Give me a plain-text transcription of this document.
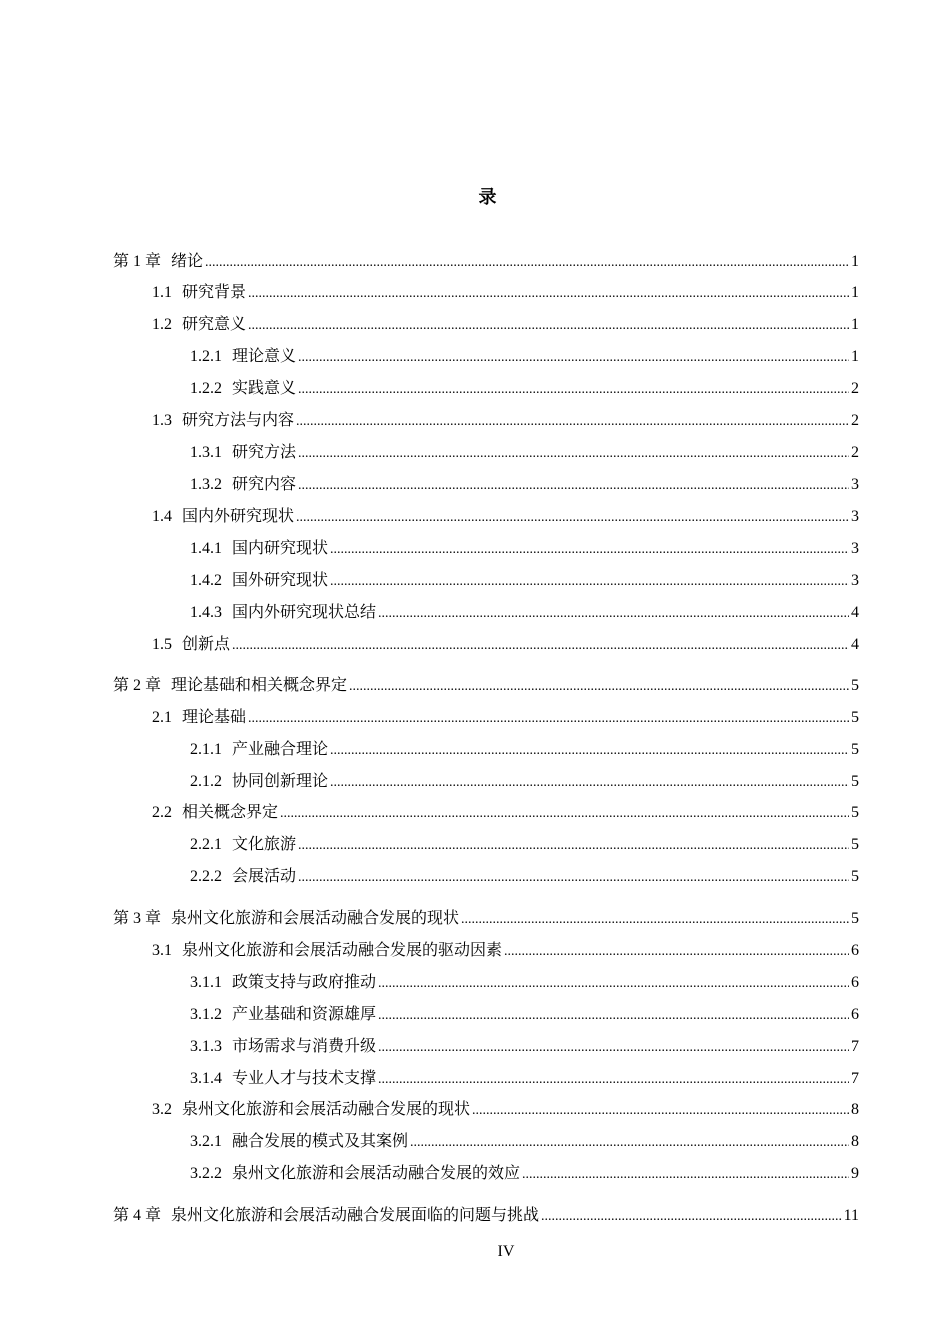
录
第 1 章 绪论 .....	1
1.1 研究背景 .....	1
1.2 研究意义 .....	1
1.2.1 理论意义 .....	1
1.2.2 实践意义 .....	2
1.3 研究方法与内容 .....	2
1.3.1 研究方法 .....	2
1.3.2 研究内容 .....	3
1.4 国内外研究现状 .....	3
1.4.1 国内研究现状 .....	3
1.4.2 国外研究现状 .....	3
1.4.3 国内外研究现状总结 .....	4
1.5 创新点 .....	4
第 2 章 理论基础和相关概念界定 .....	5
2.1 理论基础 .....	5
2.1.1 产业融合理论 .....	5
2.1.2 协同创新理论 .....	5
2.2 相关概念界定 .....	5
2.2.1 文化旅游 .....	5
2.2.2 会展活动 .....	5
第 3 章 泉州文化旅游和会展活动融合发展的现状 .....	5
3.1 泉州文化旅游和会展活动融合发展的驱动因素 .....	6
3.1.1 政策支持与政府推动 .....	6
3.1.2 产业基础和资源雄厚 .....	6
3.1.3 市场需求与消费升级 .....	7
3.1.4 专业人才与技术支撑 .....	7
3.2 泉州文化旅游和会展活动融合发展的现状 .....	8
3.2.1 融合发展的模式及其案例 .....	8
3.2.2 泉州文化旅游和会展活动融合发展的效应 .....	9
第 4 章 泉州文化旅游和会展活动融合发展面临的问题与挑战 .....	11
IV
